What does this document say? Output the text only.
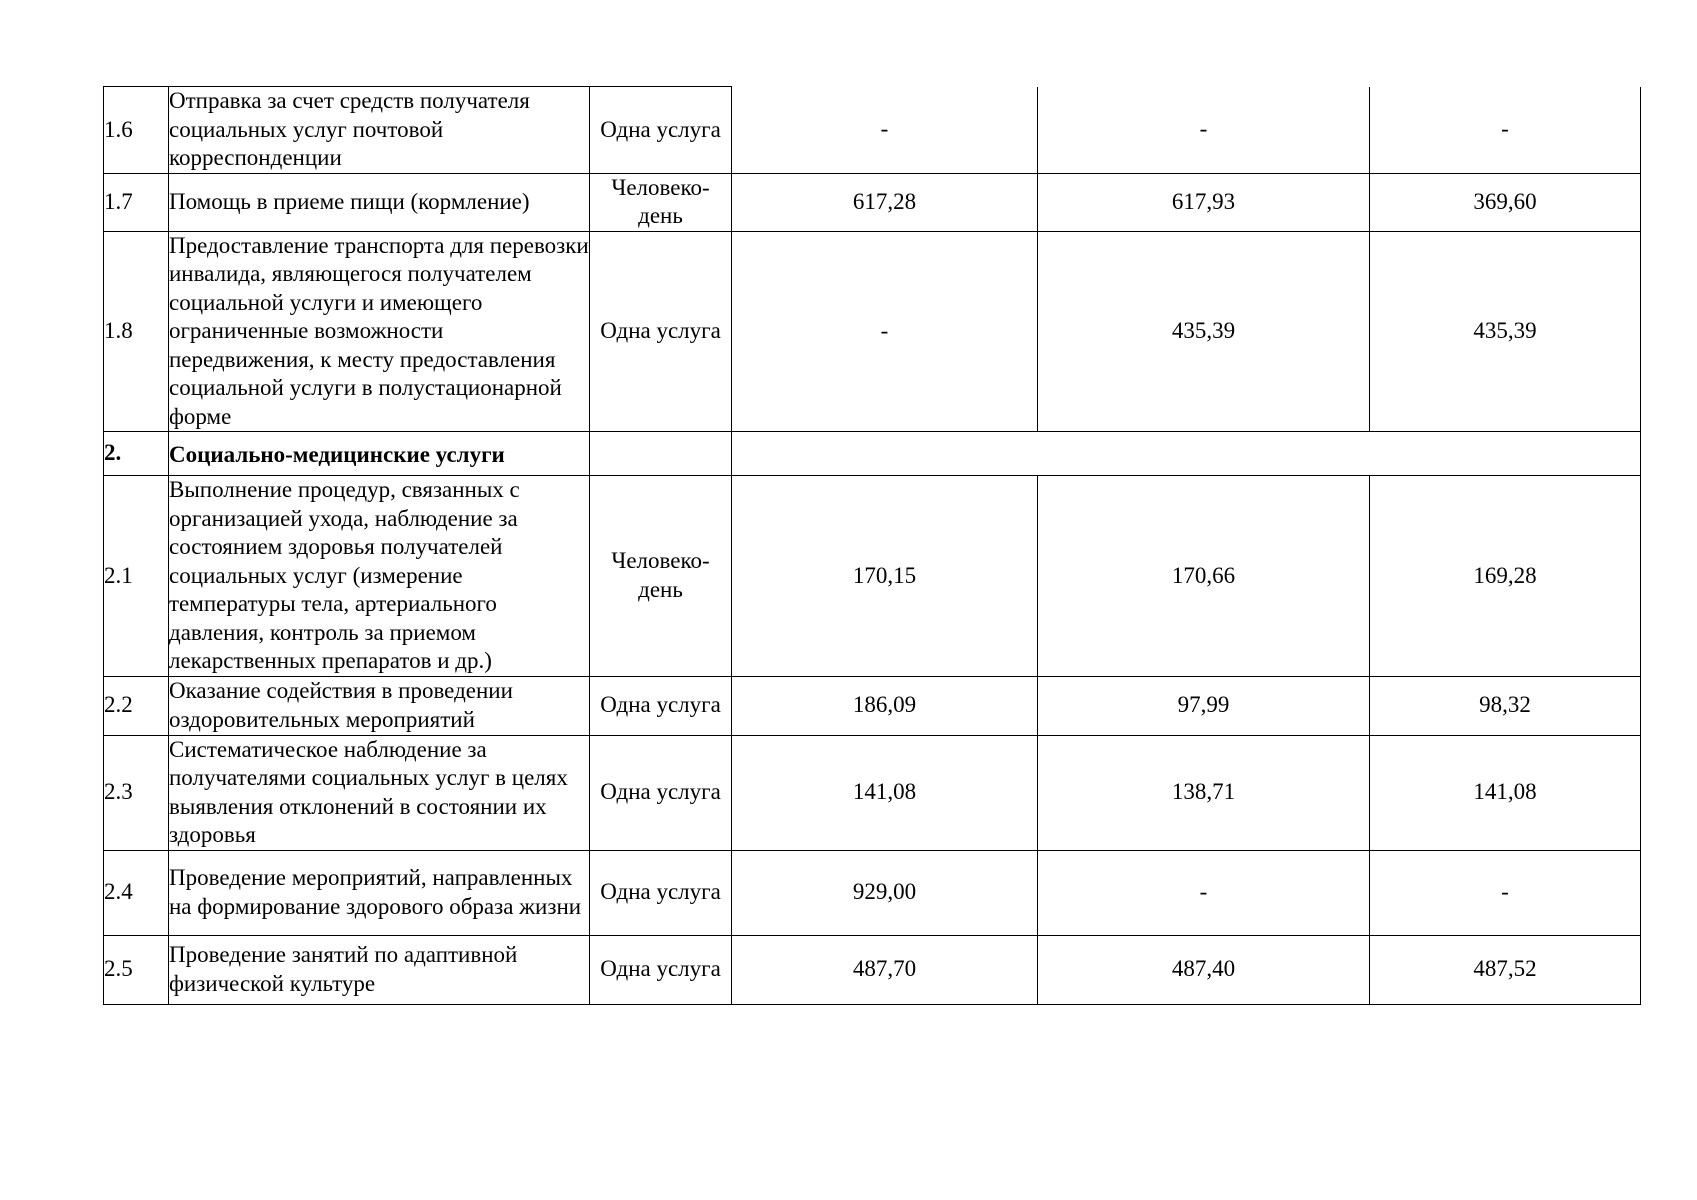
1.6	Отправка за счет средств получателя социальных услуг почтовой корреспонденции	Одна услуга	-	-	-
1.7	Помощь в приеме пищи (кормление)	Человеко-день	617,28	617,93	369,60
1.8	Предоставление транспорта для перевозки инвалида, являющегося получателем социальной услуги и имеющего ограниченные возможности передвижения, к месту предоставления социальной услуги в полустационарной форме	Одна услуга	-	435,39	435,39
2.	Социально-медицинские услуги				
2.1	Выполнение процедур, связанных с организацией ухода, наблюдение за состоянием здоровья получателей социальных услуг (измерение температуры тела, артериального давления, контроль за приемом лекарственных препаратов и др.)	Человеко-день	170,15	170,66	169,28
2.2	Оказание содействия в проведении оздоровительных мероприятий	Одна услуга	186,09	97,99	98,32
2.3	Систематическое наблюдение за получателями социальных услуг в целях выявления отклонений в состоянии их здоровья	Одна услуга	141,08	138,71	141,08
2.4	Проведение мероприятий, направленных на формирование здорового образа жизни	Одна услуга	929,00	-	-
2.5	Проведение занятий по адаптивной физической культуре	Одна услуга	487,70	487,40	487,52
